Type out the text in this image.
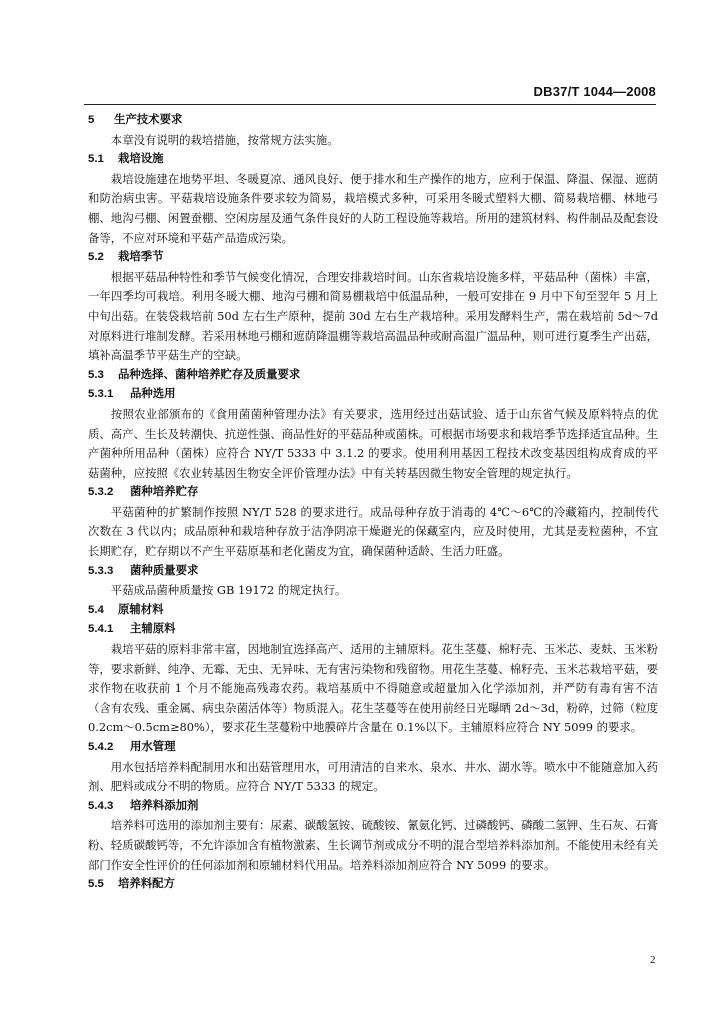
DB37/T 1044—2008
5 生产技术要求
本章没有说明的栽培措施，按常规方法实施。
5.1 栽培设施
栽培设施建在地势平坦、冬暖夏凉、通风良好、便于排水和生产操作的地方，应利于保温、降温、保湿、遮荫和防治病虫害。平菇栽培设施条件要求较为简易，栽培模式多种，可采用冬暖式塑料大棚、简易栽培棚、林地弓棚、地沟弓棚、闲置蚕棚、空闲房屋及通气条件良好的人防工程设施等栽培。所用的建筑材料、构件制品及配套设备等，不应对环境和平菇产品造成污染。
5.2 栽培季节
根据平菇品种特性和季节气候变化情况，合理安排栽培时间。山东省栽培设施多样，平菇品种（菌株）丰富，一年四季均可栽培。利用冬暖大棚、地沟弓棚和简易棚栽培中低温品种，一般可安排在 9 月中下旬至翌年 5 月上中旬出菇。在装袋栽培前 50d 左右生产原种，提前 30d 左右生产栽培种。采用发酵料生产，需在栽培前 5d～7d 对原料进行堆制发酵。若采用林地弓棚和遮荫降温棚等栽培高温品种或耐高温广温品种，则可进行夏季生产出菇，填补高温季节平菇生产的空缺。
5.3 品种选择、菌种培养贮存及质量要求
5.3.1 品种选用
按照农业部颁布的《食用菌菌种管理办法》有关要求，选用经过出菇试验、适于山东省气候及原料特点的优质、高产、生长及转潮快、抗逆性强、商品性好的平菇品种或菌株。可根据市场要求和栽培季节选择适宜品种。生产菌种所用品种（菌株）应符合 NY/T 5333 中 3.1.2 的要求。使用利用基因工程技术改变基因组构成育成的平菇菌种，应按照《农业转基因生物安全评价管理办法》中有关转基因微生物安全管理的规定执行。
5.3.2 菌种培养贮存
平菇菌种的扩繁制作按照 NY/T 528 的要求进行。成品母种存放于消毒的 4℃～6℃的冷藏箱内，控制传代次数在 3 代以内；成品原种和栽培种存放于洁净阴凉干燥避光的保藏室内，应及时使用，尤其是麦粒菌种，不宜长期贮存，贮存期以不产生平菇原基和老化菌皮为宜，确保菌种适龄、生活力旺盛。
5.3.3 菌种质量要求
平菇成品菌种质量按 GB 19172 的规定执行。
5.4 原辅材料
5.4.1 主辅原料
栽培平菇的原料非常丰富，因地制宜选择高产、适用的主辅原料。花生茎蔓、棉籽壳、玉米芯、麦麸、玉米粉等，要求新鲜、纯净、无霉、无虫、无异味、无有害污染物和残留物。用花生茎蔓、棉籽壳、玉米芯栽培平菇，要求作物在收获前 1 个月不能施高残毒农药。栽培基质中不得随意或超量加入化学添加剂，并严防有毒有害不洁（含有农残、重金属、病虫杂菌活体等）物质混入。花生茎蔓等在使用前经日光曝晒 2d～3d，粉碎，过筛（粒度 0.2cm～0.5cm≥80%），要求花生茎蔓粉中地膜碎片含量在 0.1%以下。主辅原料应符合 NY 5099 的要求。
5.4.2 用水管理
用水包括培养料配制用水和出菇管理用水，可用清洁的自来水、泉水、井水、湖水等。喷水中不能随意加入药剂、肥料或成分不明的物质。应符合 NY/T 5333 的规定。
5.4.3 培养料添加剂
培养料可选用的添加剂主要有：尿素、碳酸氢铵、硫酸铵、氰氨化钙、过磷酸钙、磷酸二氢钾、生石灰、石膏粉、轻质碳酸钙等，不允许添加含有植物激素、生长调节剂或成分不明的混合型培养料添加剂。不能使用未经有关部门作安全性评价的任何添加剂和原辅材料代用品。培养料添加剂应符合 NY 5099 的要求。
5.5 培养料配方
2
